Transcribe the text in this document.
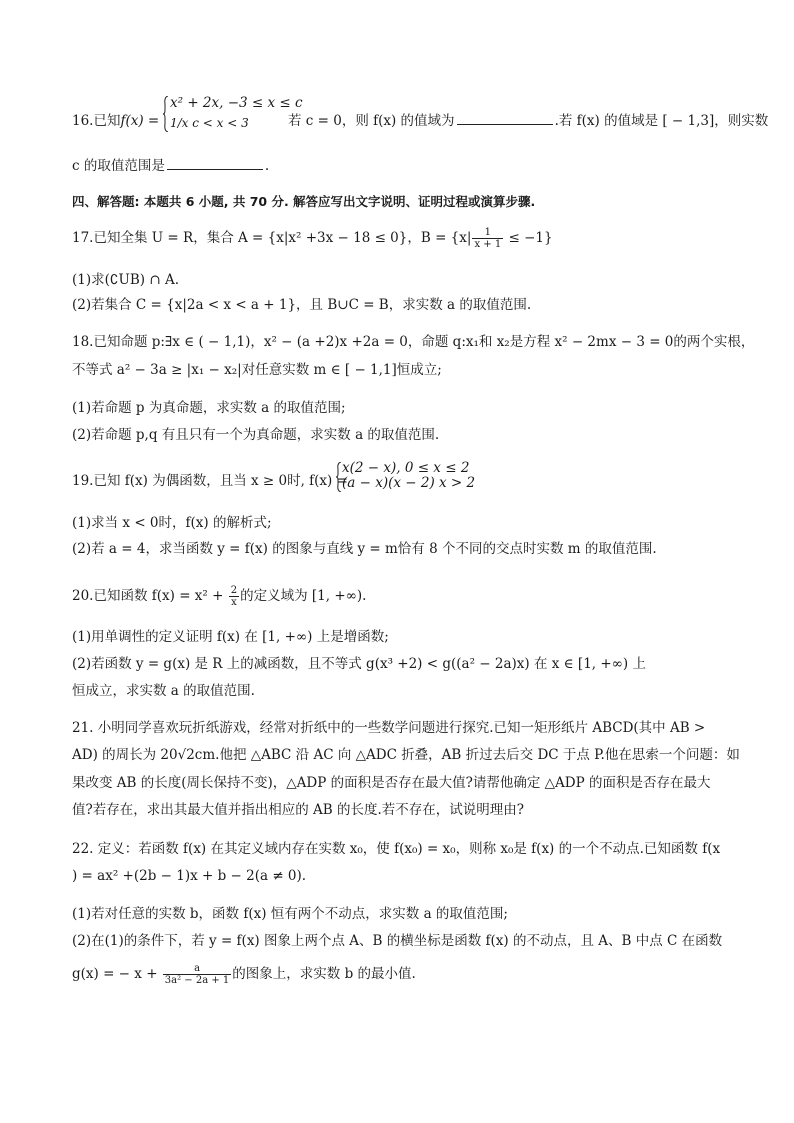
16.已知f(x) =
x² + 2x, −3 ≤ x ≤ c
1/x c < x < 3	若 c = 0，则 f(x) 的值域为	.若 f(x) 的值域是 [ − 1,3]，则实数
c 的取值范围是	.
四、解答题: 本题共 6 小题, 共 70 分. 解答应写出文字说明、证明过程或演算步骤.
17.已知全集 U = R，集合 A = {x|x² +3x − 18 ≤ 0}，$B = \{x| \frac{1}{x + 1} \le -1\}$
(1)求(∁UB) ∩ A.
(2)若集合 C = {x|2a < x < a + 1}，且 B∪C = B，求实数 a 的取值范围.
18.已知命题 p:∃x ∈ ( − 1,1)，x² − (a +2)x +2a = 0，命题 q:x₁和 x₂是方程 x² − 2mx − 3 = 0的两个实根，
不等式 a² − 3a ≥ |x₁ − x₂|对任意实数 m ∈ [ − 1,1]恒成立;
(1)若命题 p 为真命题，求实数 a 的取值范围;
(2)若命题 p,q 有且只有一个为真命题，求实数 a 的取值范围.
19.已知 f(x) 为偶函数，且当 x ≥ 0时, f(x) =
x(2 − x), 0 ≤ x ≤ 2
(a − x)(x − 2) x > 2
(1)求当 x < 0时，f(x) 的解析式;
(2)若 a = 4，求当函数 y = f(x) 的图象与直线 y = m恰有 8 个不同的交点时实数 m 的取值范围.
20.已知函数 $f(x) = x^2 + \frac{2}{x}$ 的定义域为 [1, +∞).
(1)用单调性的定义证明 f(x) 在 [1, +∞) 上是增函数;
(2)若函数 y = g(x) 是 R 上的减函数，且不等式 g(x³ +2) < g((a² − 2a)x) 在 x ∈ [1, +∞) 上
恒成立，求实数 a 的取值范围.
21. 小明同学喜欢玩折纸游戏，经常对折纸中的一些数学问题进行探究.已知一矩形纸片 ABCD(其中 AB >
AD) 的周长为 20√2cm.他把 △ABC 沿 AC 向 △ADC 折叠，AB 折过去后交 DC 于点 P.他在思索一个问题：如
果改变 AB 的长度(周长保持不变)，△ADP 的面积是否存在最大值?请帮他确定 △ADP 的面积是否存在最大
值?若存在，求出其最大值并指出相应的 AB 的长度.若不存在，试说明理由?
22. 定义：若函数 f(x) 在其定义域内存在实数 x₀，使 f(x₀) = x₀，则称 x₀是 f(x) 的一个不动点.已知函数 f(x
) = ax² +(2b − 1)x + b − 2(a ≠ 0).
(1)若对任意的实数 b，函数 f(x) 恒有两个不动点，求实数 a 的取值范围;
(2)在(1)的条件下，若 y = f(x) 图象上两个点 A、B 的横坐标是函数 f(x) 的不动点，且 A、B 中点 C 在函数
g(x) = − $x + \frac{a}{\text{3a² − 2a + 1}}$ 的图象上，求实数 b 的最小值.
